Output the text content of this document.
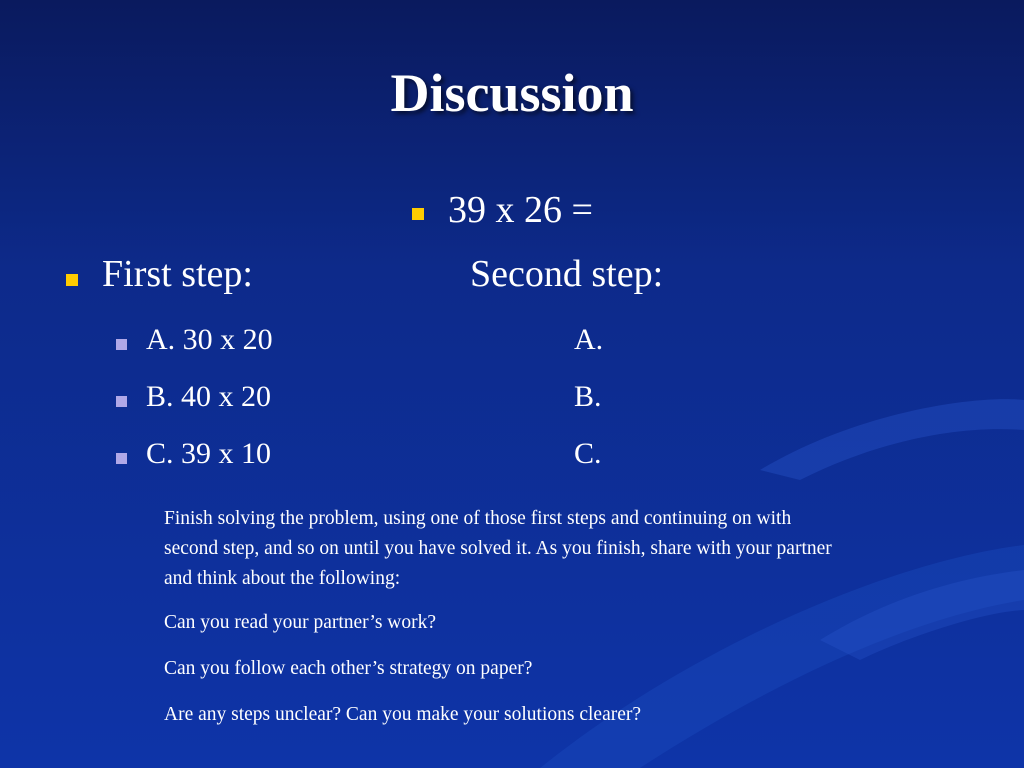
Discussion
39 x 26 =
First step:	Second step:
A. 30 x 20
B. 40 x 20
C. 39 x 10
A.
B.
C.

Finish solving the problem, using one of those first steps and continuing on with second step, and so on until you have solved it. As you finish, share with your partner and think about the following:

Can you read your partner’s work?

Can you follow each other’s strategy on paper?

Are any steps unclear? Can you make your solutions clearer?
